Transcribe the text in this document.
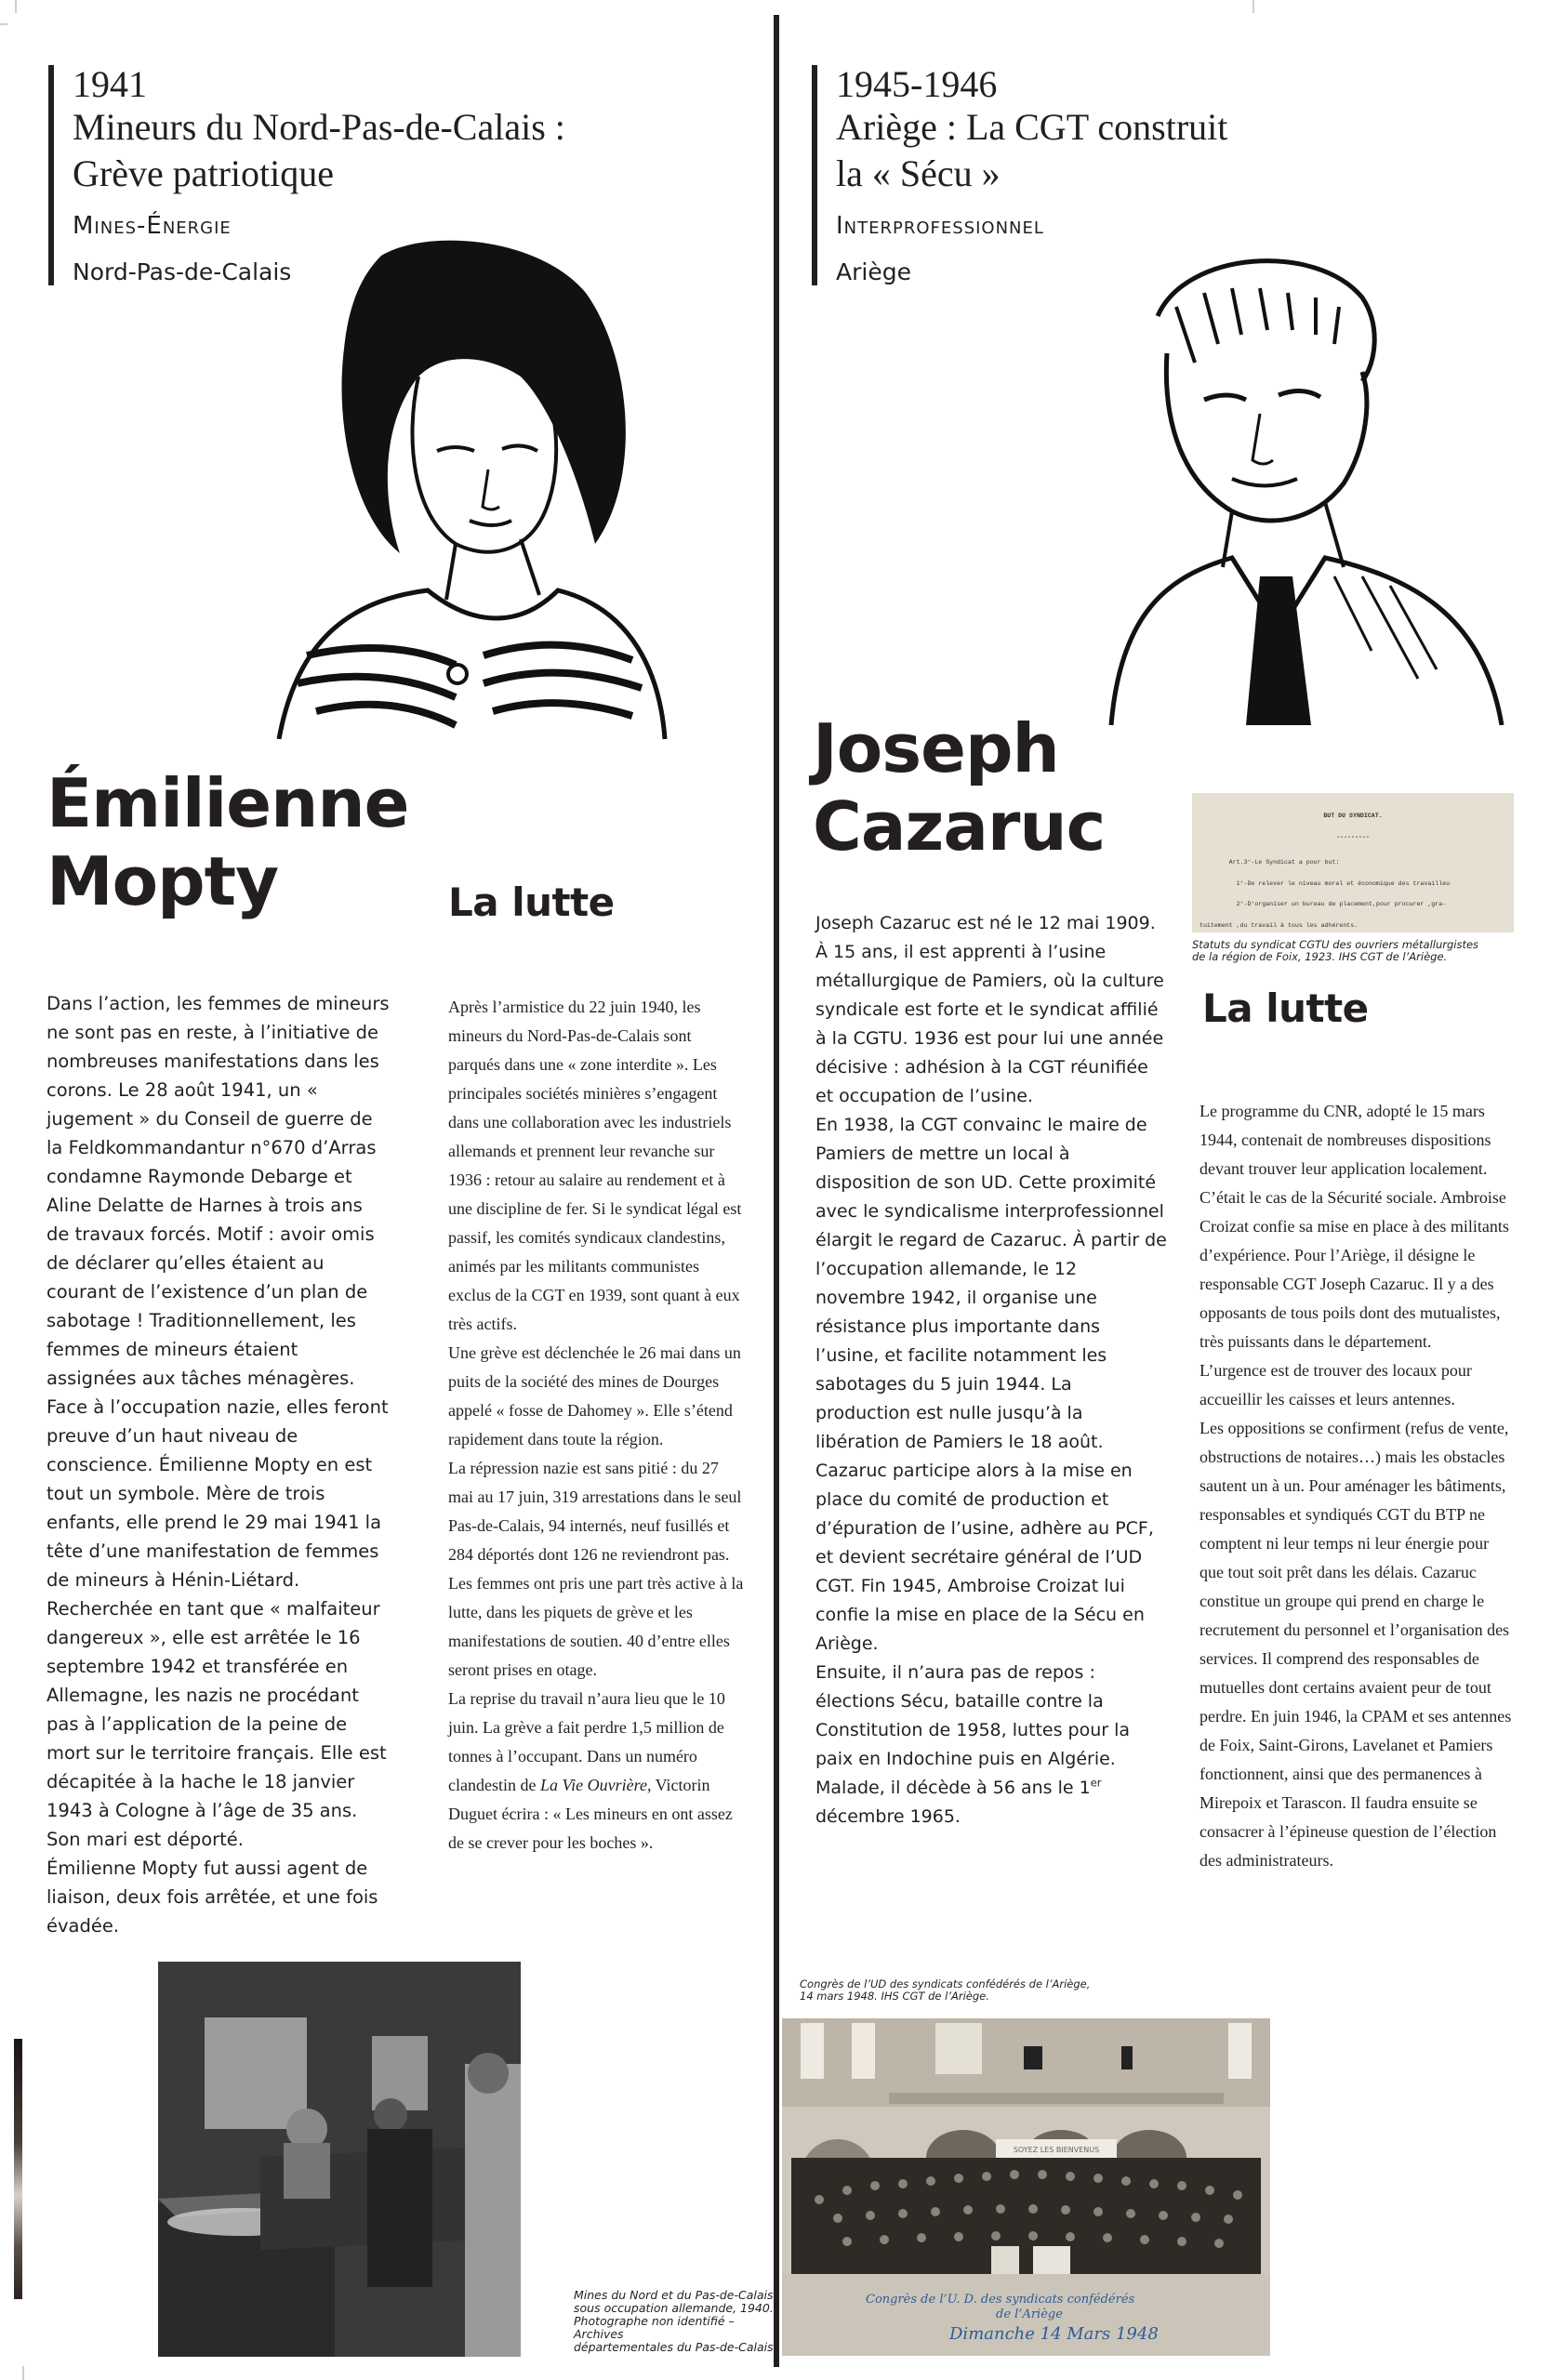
1941
Mineurs du Nord-Pas-de-Calais :
Grève patriotique
Mines-Énergie
Nord-Pas-de-Calais
Émilienne
Mopty	La lutte

Dans l’action, les femmes de mineurs ne sont pas en reste, à l’initiative de nombreuses manifestations dans les corons. Le 28 août 1941, un « jugement » du Conseil de guerre de la Feldkommandantur n°670 d’Arras condamne Raymonde Debarge et Aline Delatte de Harnes à trois ans de travaux forcés. Motif : avoir omis de déclarer qu’elles étaient au courant de l’existence d’un plan de sabotage ! Traditionnellement, les femmes de mineurs étaient assignées aux tâches ménagères.

Face à l’occupation nazie, elles feront preuve d’un haut niveau de conscience. Émilienne Mopty en est tout un symbole. Mère de trois enfants, elle prend le 29 mai 1941 la tête d’une manifestation de femmes de mineurs à Hénin-Liétard. Recherchée en tant que « malfaiteur dangereux », elle est arrêtée le 16 septembre 1942 et transférée en Allemagne, les nazis ne procédant pas à l’application de la peine de mort sur le territoire français. Elle est décapitée à la hache le 18 janvier 1943 à Cologne à l’âge de 35 ans. Son mari est déporté.

Émilienne Mopty fut aussi agent de liaison, deux fois arrêtée, et une fois évadée.

Après l’armistice du 22 juin 1940, les mineurs du Nord-Pas-de-Calais sont parqués dans une « zone interdite ». Les principales sociétés minières s’engagent dans une collaboration avec les industriels allemands et prennent leur revanche sur 1936 : retour au salaire au rendement et à une discipline de fer. Si le syndicat légal est passif, les comités syndicaux clandestins, animés par les militants communistes exclus de la CGT en 1939, sont quant à eux très actifs.

Une grève est déclenchée le 26 mai dans un puits de la société des mines de Dourges appelé « fosse de Dahomey ». Elle s’étend rapidement dans toute la région.

La répression nazie est sans pitié : du 27 mai au 17 juin, 319 arrestations dans le seul Pas-de-Calais, 94 internés, neuf fusillés et 284 déportés dont 126 ne reviendront pas.

Les femmes ont pris une part très active à la lutte, dans les piquets de grève et les manifestations de soutien. 40 d’entre elles seront prises en otage.

La reprise du travail n’aura lieu que le 10 juin. La grève a fait perdre 1,5 million de tonnes à l’occupant. Dans un numéro clandestin de La Vie Ouvrière, Victorin Duguet écrira : « Les mineurs en ont assez de se crever pour les boches ».

Mines du Nord et du Pas-de-Calais
sous occupation allemande, 1940.
Photographe non identifié – Archives
départementales du Pas-de-Calais.
1945-1946
Ariège : La CGT construit
la « Sécu »
Interprofessionnel
Ariège
Joseph
Cazaruc

	BUT DU SYNDICAT.

---------

Art.3°-Le Syndicat a pour but:

1°-De relever le niveau moral et économique des travailleu

2°-D'organiser un bureau de placement,pour procurer ,gra-

tuitement ,du travail à tous les adhérents.

Statuts du syndicat CGTU des ouvriers métallurgistes
de la région de Foix, 1923. IHS CGT de l’Ariège.
La lutte

Joseph Cazaruc est né le 12 mai 1909. À 15 ans, il est apprenti à l’usine métallurgique de Pamiers, où la culture syndicale est forte et le syndicat affilié à la CGTU. 1936 est pour lui une année décisive : adhésion à la CGT réunifiée et occupation de l’usine.

En 1938, la CGT convainc le maire de Pamiers de mettre un local à disposition de son UD. Cette proximité avec le syndicalisme interprofessionnel élargit le regard de Cazaruc. À partir de l’occupation allemande, le 12 novembre 1942, il organise une résistance plus importante dans l’usine, et facilite notamment les sabotages du 5 juin 1944. La production est nulle jusqu’à la libération de Pamiers le 18 août. Cazaruc participe alors à la mise en place du comité de production et d’épuration de l’usine, adhère au PCF, et devient secrétaire général de l’UD CGT. Fin 1945, Ambroise Croizat lui confie la mise en place de la Sécu en Ariège.

Ensuite, il n’aura pas de repos : élections Sécu, bataille contre la Constitution de 1958, luttes pour la paix en Indochine puis en Algérie.

Malade, il décède à 56 ans le 1er décembre 1965.

Le programme du CNR, adopté le 15 mars 1944, contenait de nombreuses dispositions devant trouver leur application localement. C’était le cas de la Sécurité sociale. Ambroise Croizat confie sa mise en place à des militants d’expérience. Pour l’Ariège, il désigne le responsable CGT Joseph Cazaruc. Il y a des opposants de tous poils dont des mutualistes, très puissants dans le département.

L’urgence est de trouver des locaux pour accueillir les caisses et leurs antennes.

Les oppositions se confirment (refus de vente, obstructions de notaires…) mais les obstacles sautent un à un. Pour aménager les bâtiments, responsables et syndiqués CGT du BTP ne comptent ni leur temps ni leur énergie pour que tout soit prêt dans les délais. Cazaruc constitue un groupe qui prend en charge le recrutement du personnel et l’organisation des services. Il comprend des responsables de mutuelles dont certains avaient peur de tout perdre. En juin 1946, la CPAM et ses antennes de Foix, Saint-Girons, Lavelanet et Pamiers fonctionnent, ainsi que des permanences à Mirepoix et Tarascon. Il faudra ensuite se consacrer à l’épineuse question de l’élection des administrateurs.

Congrès de l’UD des syndicats confédérés de l’Ariège,
14 mars 1948. IHS CGT de l’Ariège.
SOYEZ LES BIENVENUS
Congrès de l’U. D. des syndicats confédérés
de l’Ariège
Dimanche 14 Mars 1948
